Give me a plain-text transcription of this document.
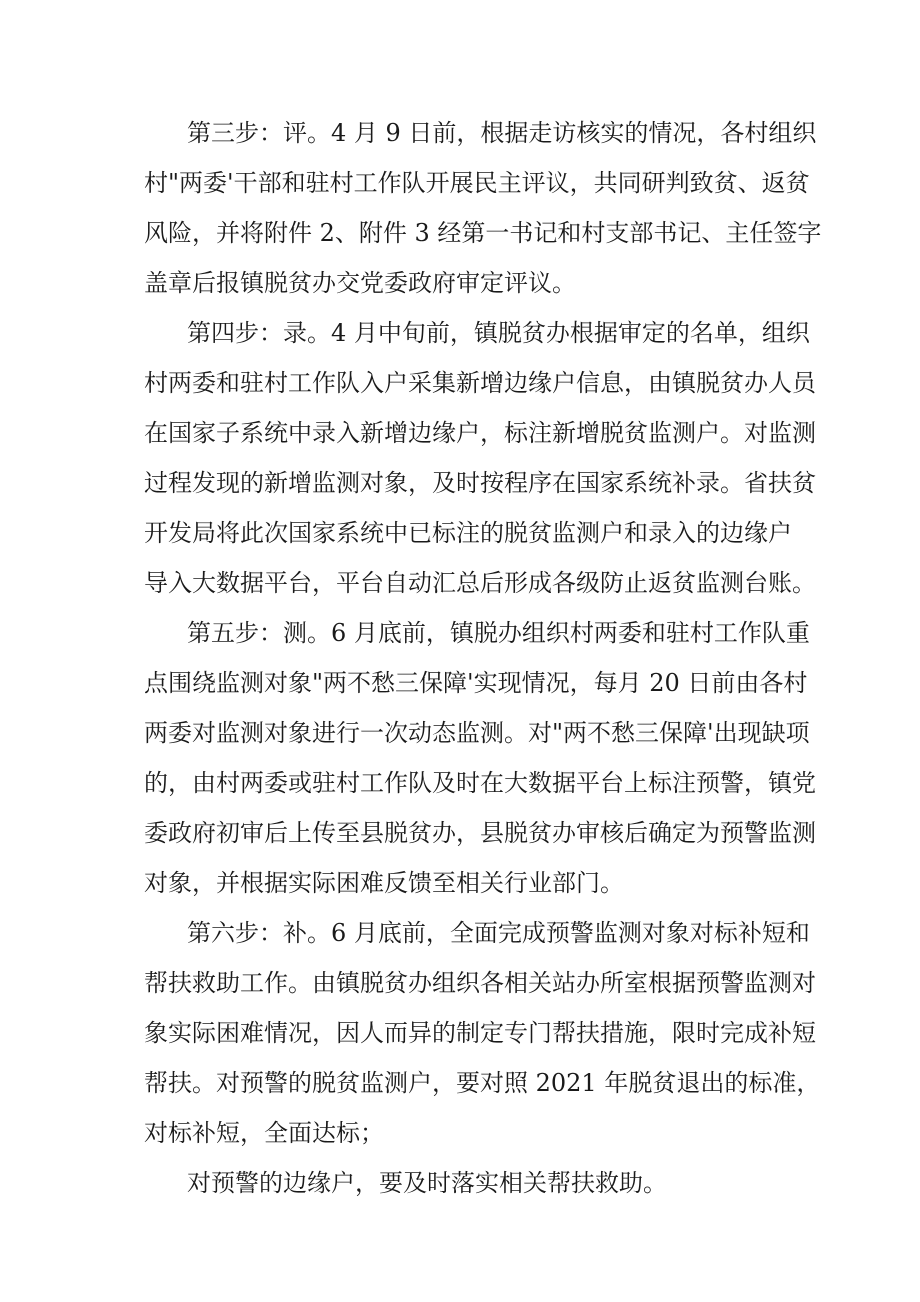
第三步：评。4 月 9 日前，根据走访核实的情况，各村组织
村"两委'干部和驻村工作队开展民主评议，共同研判致贫、返贫
风险，并将附件 2、附件 3 经第一书记和村支部书记、主任签字
盖章后报镇脱贫办交党委政府审定评议。
第四步：录。4 月中旬前，镇脱贫办根据审定的名单，组织
村两委和驻村工作队入户采集新增边缘户信息，由镇脱贫办人员
在国家子系统中录入新增边缘户，标注新增脱贫监测户。对监测
过程发现的新增监测对象，及时按程序在国家系统补录。省扶贫
开发局将此次国家系统中已标注的脱贫监测户和录入的边缘户
导入大数据平台，平台自动汇总后形成各级防止返贫监测台账。
第五步：测。6 月底前，镇脱办组织村两委和驻村工作队重
点围绕监测对象"两不愁三保障'实现情况，每月 20 日前由各村
两委对监测对象进行一次动态监测。对"两不愁三保障'出现缺项
的，由村两委或驻村工作队及时在大数据平台上标注预警，镇党
委政府初审后上传至县脱贫办，县脱贫办审核后确定为预警监测
对象，并根据实际困难反馈至相关行业部门。
第六步：补。6 月底前，全面完成预警监测对象对标补短和
帮扶救助工作。由镇脱贫办组织各相关站办所室根据预警监测对
象实际困难情况，因人而异的制定专门帮扶措施，限时完成补短
帮扶。对预警的脱贫监测户，要对照 2021 年脱贫退出的标准，
对标补短，全面达标；
对预警的边缘户，要及时落实相关帮扶救助。
